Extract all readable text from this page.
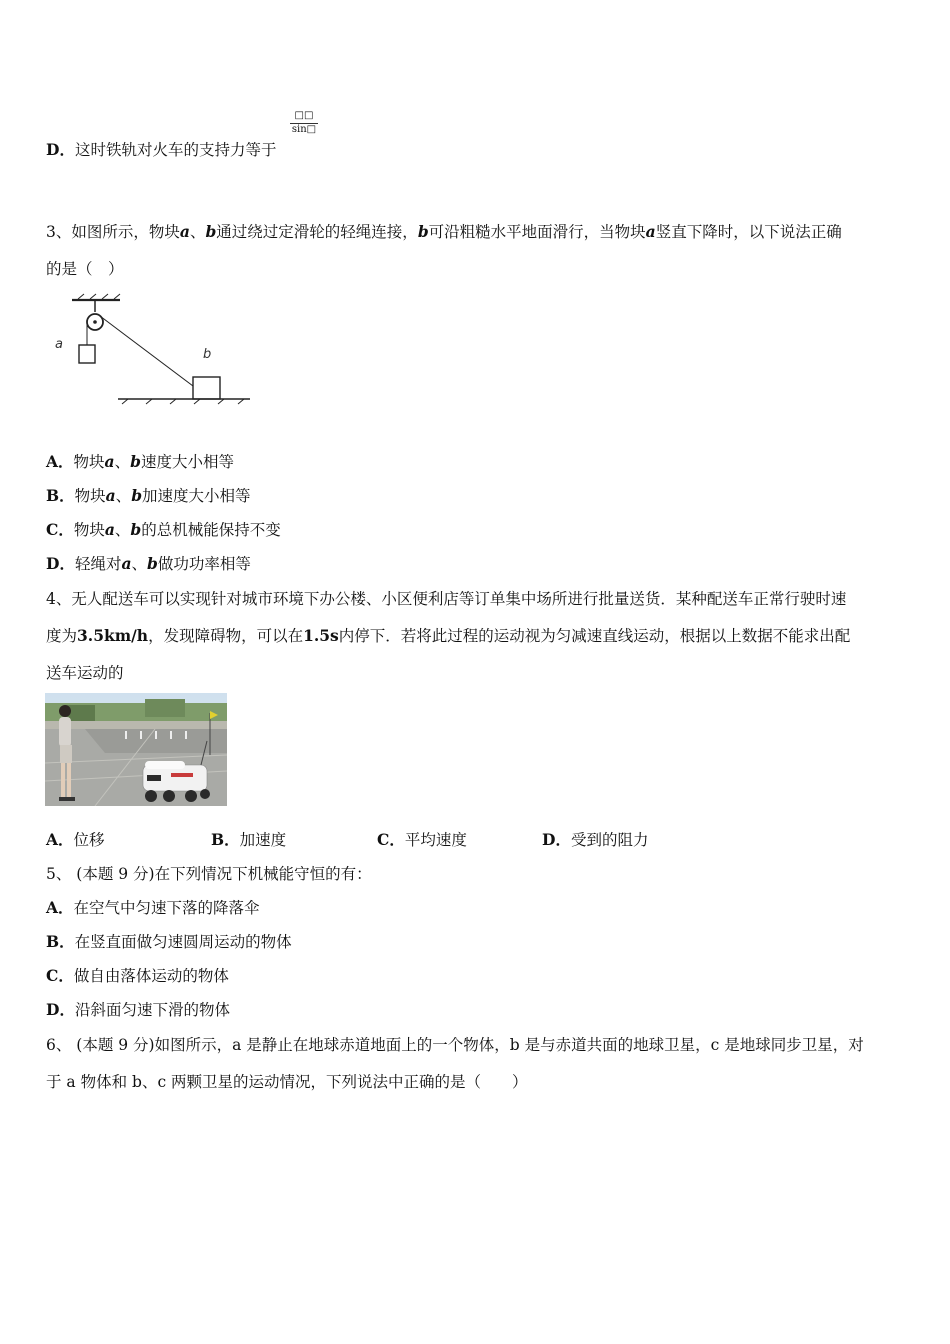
□□
sin□
D．这时铁轨对火车的支持力等于
3、如图所示，物块a、b通过绕过定滑轮的轻绳连接，b可沿粗糙水平地面滑行，当物块a竖直下降时，以下说法正确
的是（　）
a
b
A．物块a、b速度大小相等
B．物块a、b加速度大小相等
C．物块a、b的总机械能保持不变
D．轻绳对a、b做功功率相等
4、无人配送车可以实现针对城市环境下办公楼、小区便利店等订单集中场所进行批量送货．某种配送车正常行驶时速
度为3.5km/h，发现障碍物，可以在1.5s内停下．若将此过程的运动视为匀减速直线运动，根据以上数据不能求出配
送车运动的
A．位移	B．加速度	C．平均速度	D．受到的阻力
5、 (本题 9 分)在下列情况下机械能守恒的有：
A．在空气中匀速下落的降落伞
B．在竖直面做匀速圆周运动的物体
C．做自由落体运动的物体
D．沿斜面匀速下滑的物体
6、 (本题 9 分)如图所示，a 是静止在地球赤道地面上的一个物体，b 是与赤道共面的地球卫星，c 是地球同步卫星，对
于 a 物体和 b、c 两颗卫星的运动情况，下列说法中正确的是（　　）
